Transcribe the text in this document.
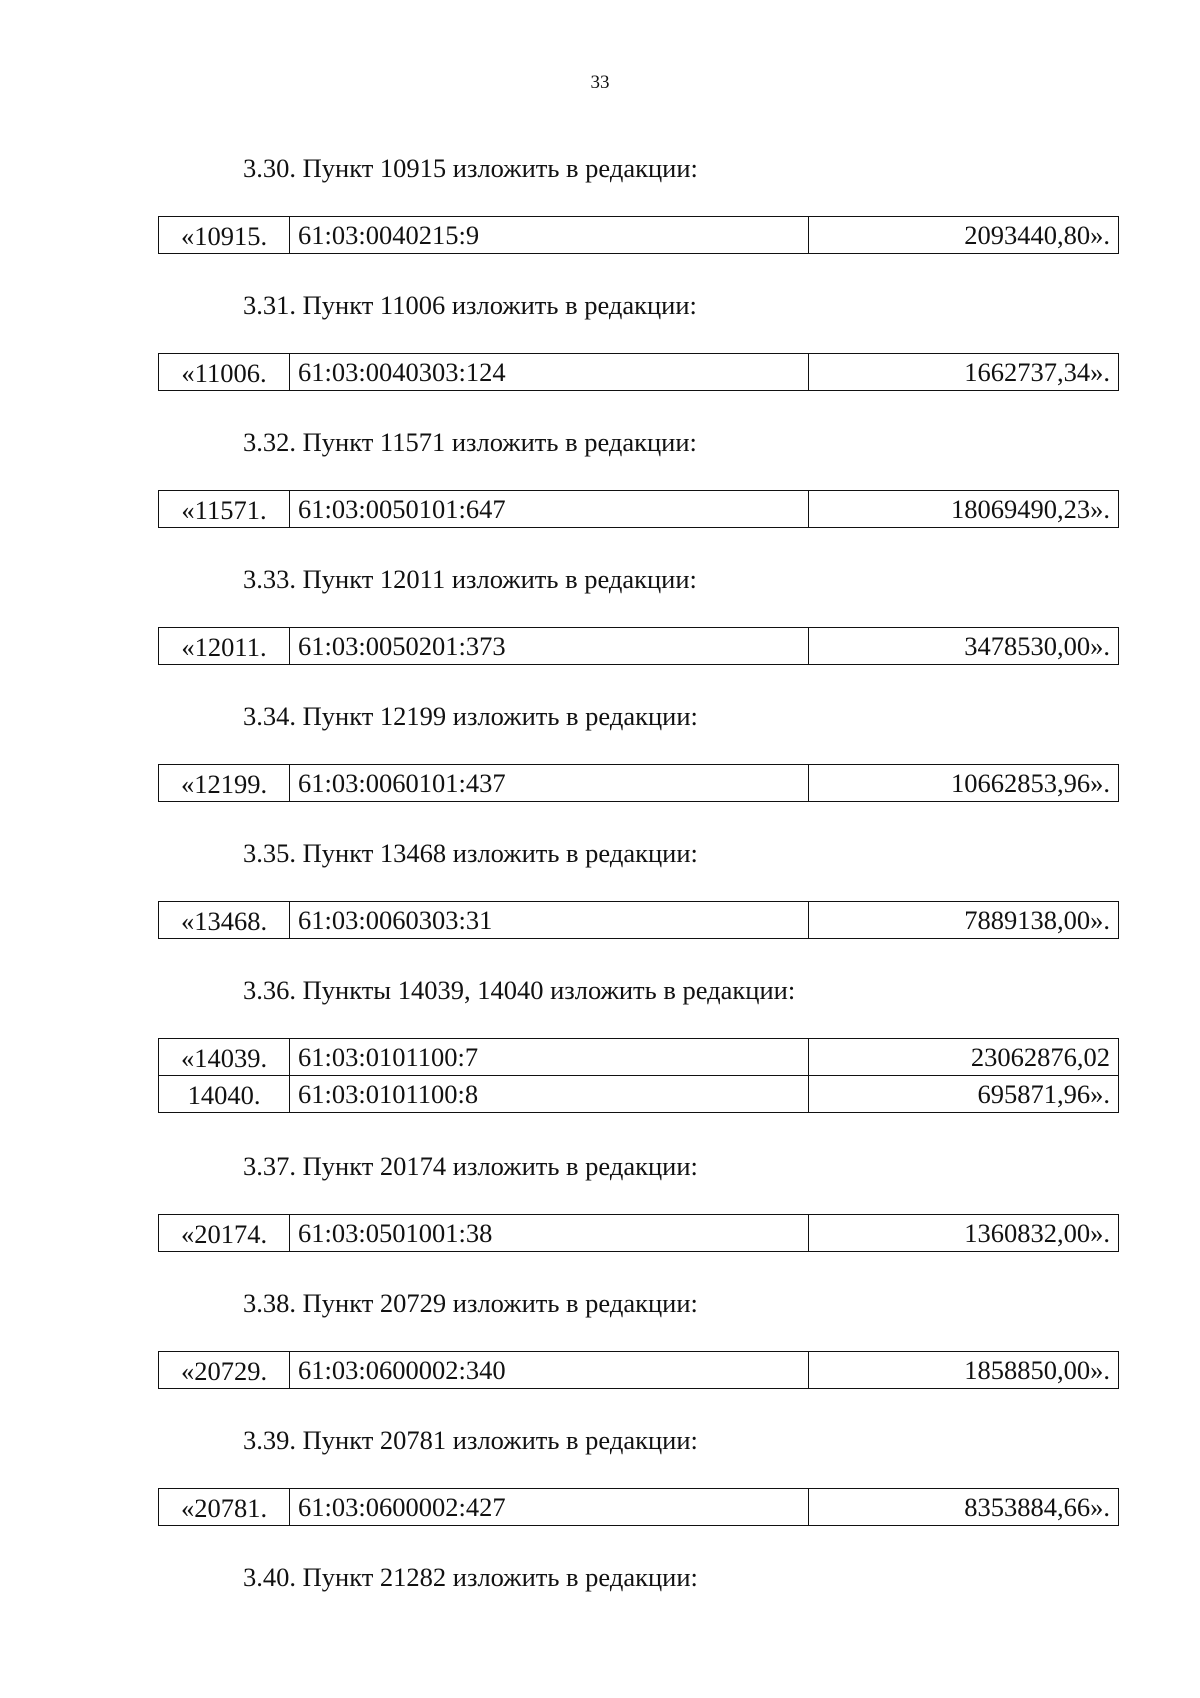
33
3.30. Пункт 10915 изложить в редакции:
«10915.	61:03:0040215:9	2093440,80».
3.31. Пункт 11006 изложить в редакции:
«11006.	61:03:0040303:124	1662737,34».
3.32. Пункт 11571 изложить в редакции:
«11571.	61:03:0050101:647	18069490,23».
3.33. Пункт 12011 изложить в редакции:
«12011.	61:03:0050201:373	3478530,00».
3.34. Пункт 12199 изложить в редакции:
«12199.	61:03:0060101:437	10662853,96».
3.35. Пункт 13468 изложить в редакции:
«13468.	61:03:0060303:31	7889138,00».
3.36. Пункты 14039, 14040 изложить в редакции:
«14039.	61:03:0101100:7	23062876,02
14040.	61:03:0101100:8	695871,96».
3.37. Пункт 20174 изложить в редакции:
«20174.	61:03:0501001:38	1360832,00».
3.38. Пункт 20729 изложить в редакции:
«20729.	61:03:0600002:340	1858850,00».
3.39. Пункт 20781 изложить в редакции:
«20781.	61:03:0600002:427	8353884,66».
3.40. Пункт 21282 изложить в редакции:
